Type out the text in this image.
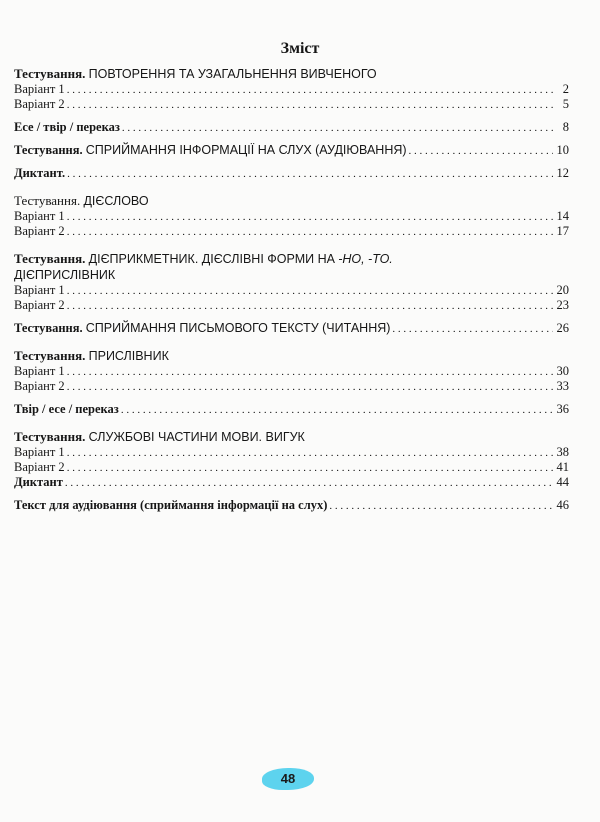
Зміст
Тестування. ПОВТОРЕННЯ ТА УЗАГАЛЬНЕННЯ ВИВЧЕНОГО
Варіант 1 . . .	2
Варіант 2 . . .	5
Есе / твір / переказ . . .	8
Тестування. СПРИЙМАННЯ ІНФОРМАЦІЇ НА СЛУХ (АУДІЮВАННЯ) . . .	10
Диктант. . . .	12
Тестування. ДІЄСЛОВО
Варіант 1 . . .	14
Варіант 2 . . .	17
Тестування. ДІЄПРИКМЕТНИК. ДІЄСЛІВНІ ФОРМИ НА -НО, -ТО.
ДІЄПРИСЛІВНИК
Варіант 1 . . .	20
Варіант 2 . . .	23
Тестування. СПРИЙМАННЯ ПИСЬМОВОГО ТЕКСТУ (ЧИТАННЯ) . . .	26
Тестування. ПРИСЛІВНИК
Варіант 1 . . .	30
Варіант 2 . . .	33
Твір / есе / переказ . . .	36
Тестування. СЛУЖБОВІ ЧАСТИНИ МОВИ. ВИГУК
Варіант 1 . . .	38
Варіант 2 . . .	41
Диктант . . .	44
Текст для аудіювання (сприймання інформації на слух) . . .	46
48
